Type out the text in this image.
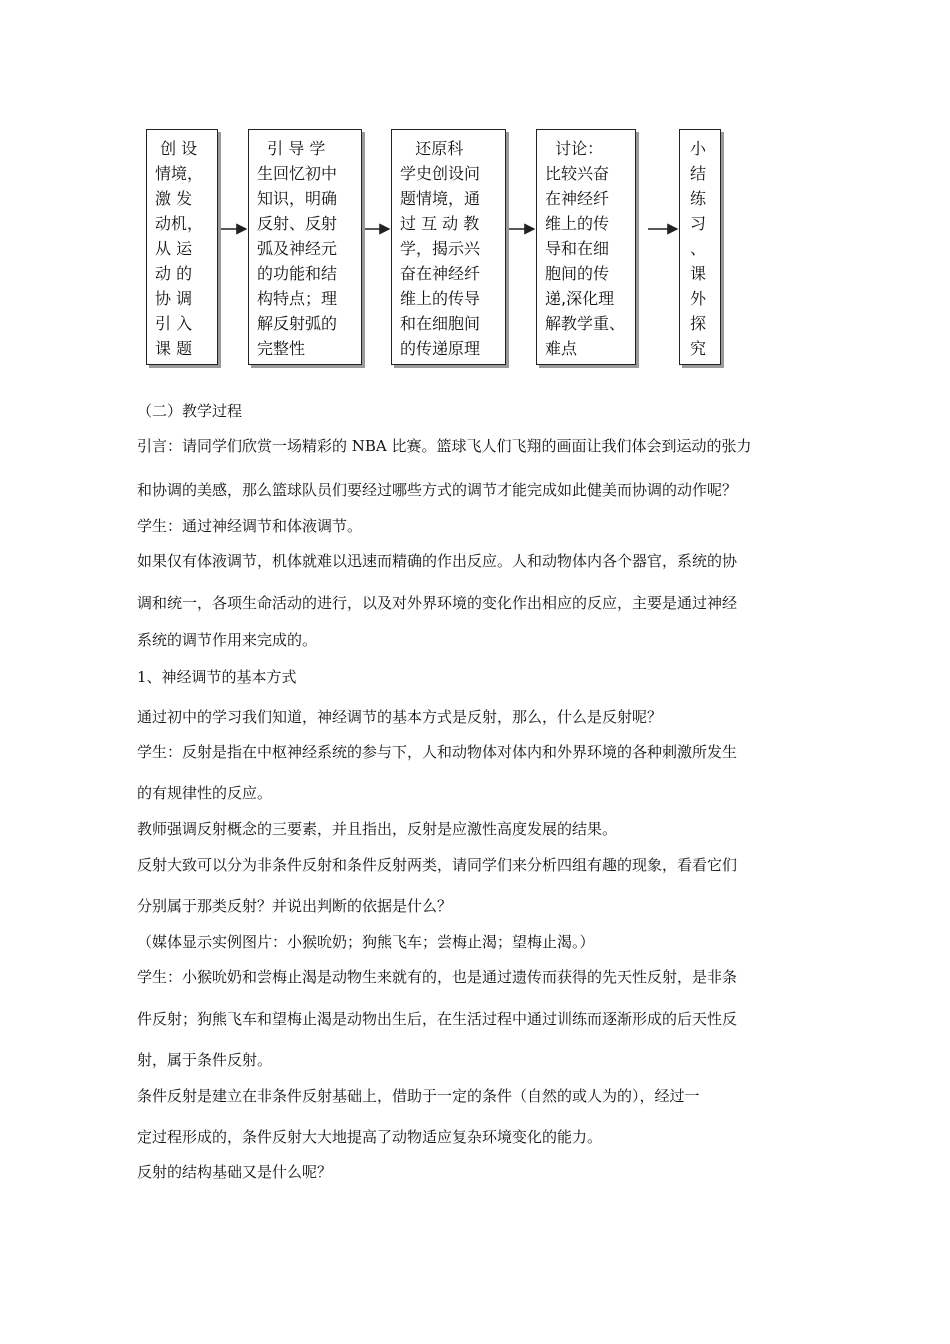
创 设

情境，

激 发

动机，

从 运

动 的

协 调

引 入

课 题

引 导 学

生回忆初中

知识，明确

反射、反射

弧及神经元

的功能和结

构特点；理

解反射弧的

完整性

还原科

学史创设问

题情境，通

过 互 动 教

学，揭示兴

奋在神经纤

维上的传导

和在细胞间

的传递原理

讨论：

比较兴奋

在神经纤

维上的传

导和在细

胞间的传

递,深化理

解教学重、

难点

小

结

练

习

、

课

外

探

究

（二）教学过程
引言：请同学们欣赏一场精彩的 NBA 比赛。篮球飞人们飞翔的画面让我们体会到运动的张力
和协调的美感，那么篮球队员们要经过哪些方式的调节才能完成如此健美而协调的动作呢？
学生：通过神经调节和体液调节。
如果仅有体液调节，机体就难以迅速而精确的作出反应。人和动物体内各个器官，系统的协
调和统一，各项生命活动的进行，以及对外界环境的变化作出相应的反应，主要是通过神经
系统的调节作用来完成的。
1、神经调节的基本方式
通过初中的学习我们知道，神经调节的基本方式是反射，那么，什么是反射呢？
学生：反射是指在中枢神经系统的参与下，人和动物体对体内和外界环境的各种刺激所发生
的有规律性的反应。
教师强调反射概念的三要素，并且指出，反射是应激性高度发展的结果。
反射大致可以分为非条件反射和条件反射两类，请同学们来分析四组有趣的现象，看看它们
分别属于那类反射？并说出判断的依据是什么？
（媒体显示实例图片：小猴吮奶；狗熊飞车；尝梅止渴；望梅止渴。）
学生：小猴吮奶和尝梅止渴是动物生来就有的，也是通过遗传而获得的先天性反射，是非条
件反射；狗熊飞车和望梅止渴是动物出生后，在生活过程中通过训练而逐渐形成的后天性反
射，属于条件反射。
条件反射是建立在非条件反射基础上，借助于一定的条件（自然的或人为的），经过一
定过程形成的，条件反射大大地提高了动物适应复杂环境变化的能力。
反射的结构基础又是什么呢？
